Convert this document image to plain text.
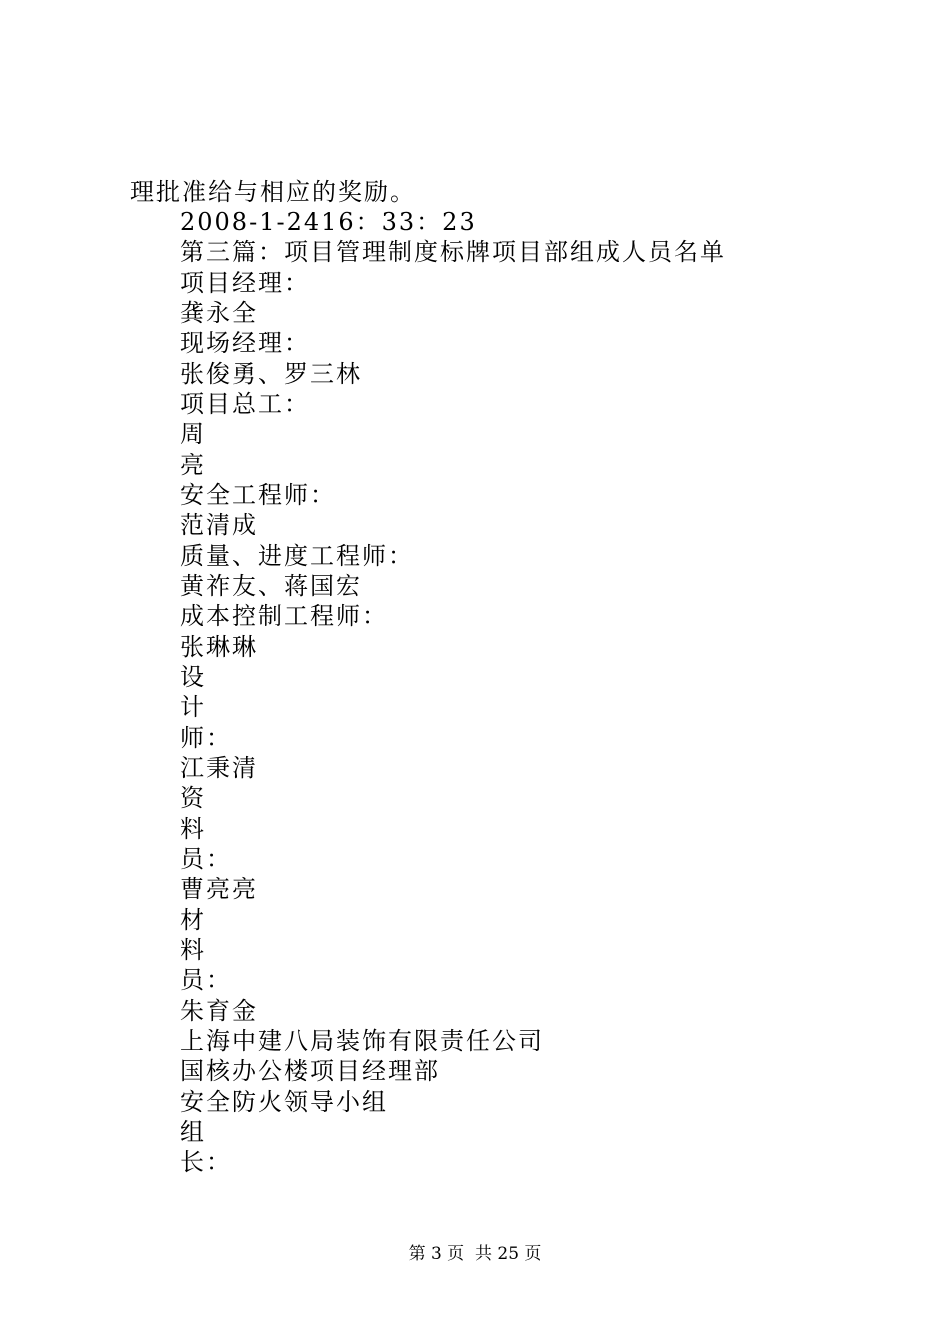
理批准给与相应的奖励。
2008-1-2416：33：23
第三篇：项目管理制度标牌项目部组成人员名单
项目经理：
龚永全
现场经理：
张俊勇、罗三林
项目总工：
周
亮
安全工程师：
范清成
质量、进度工程师：
黄祚友、蒋国宏
成本控制工程师：
张琳琳
设
计
师：
江秉清
资
料
员：
曹亮亮
材
料
员：
朱育金
上海中建八局装饰有限责任公司
国核办公楼项目经理部
安全防火领导小组
组
长：
第 3 页  共 25 页
